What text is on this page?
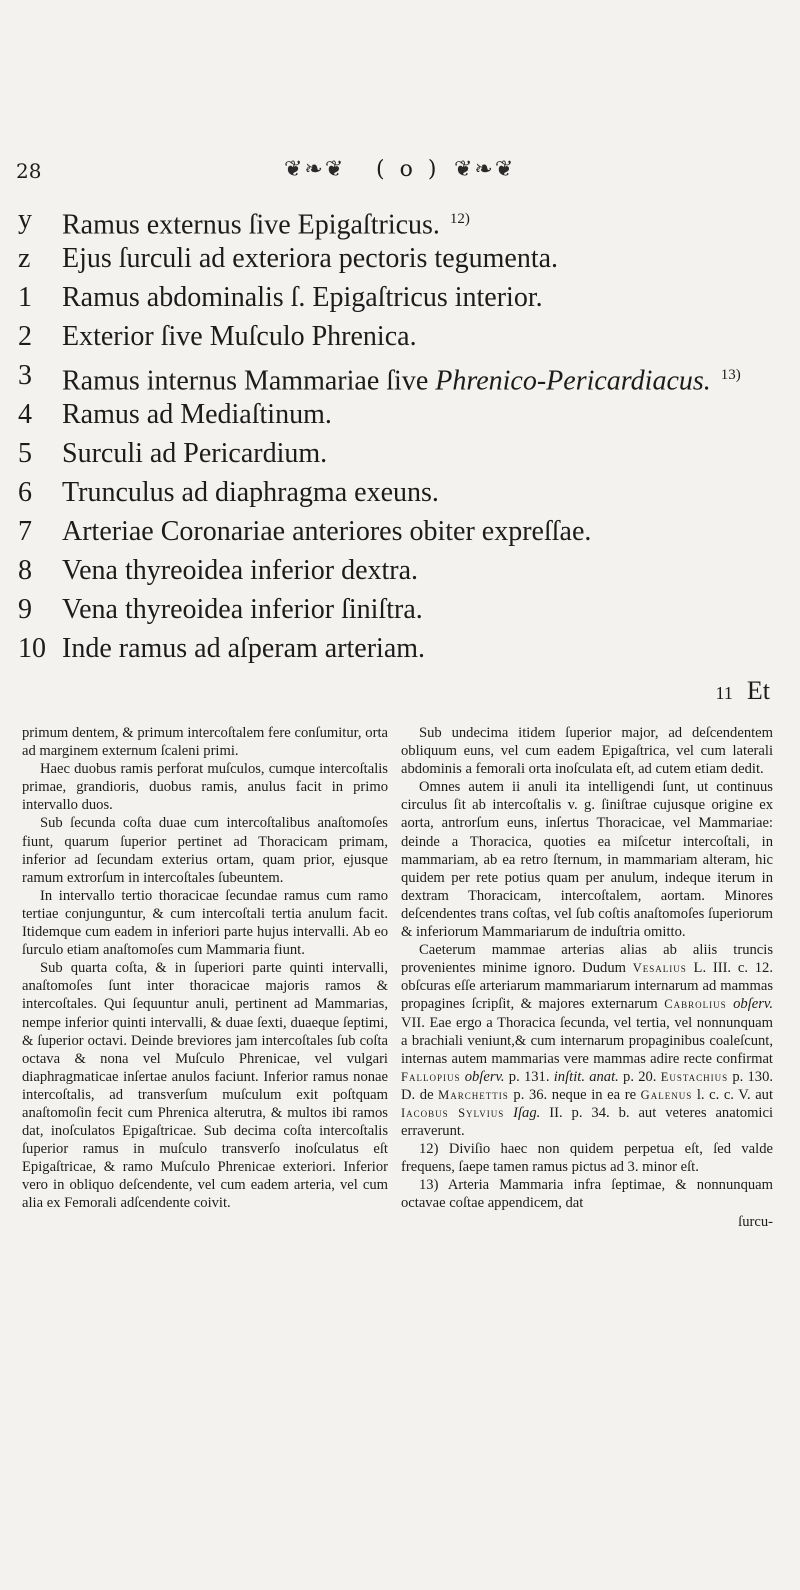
28	❦❧❦ ( o ) ❦❧❦
y	Ramus externus ſive Epigaſtricus. $^{12)}$
z	Ejus ſurculi ad exteriora pectoris tegumenta.
1	Ramus abdominalis ſ. Epigaſtricus interior.
2	Exterior ſive Muſculo Phrenica.
3	Ramus internus Mammariae ſive Phrenico-Pericardiacus. $^{13)}$
4	Ramus ad Mediaſtinum.
5	Surculi ad Pericardium.
6	Trunculus ad diaphragma exeuns.
7	Arteriae Coronariae anteriores obiter expreſſae.
8	Vena thyreoidea inferior dextra.
9	Vena thyreoidea inferior ſiniſtra.
10 Inde ramus ad aſperam arteriam.
11 Et

primum dentem, & primum intercoſtalem fere conſumitur, orta ad marginem externum ſcaleni primi.

Haec duobus ramis perforat muſculos, cumque intercoſtalis primae, grandioris, duobus ramis, anulus facit in primo intervallo duos.

Sub ſecunda coſta duae cum intercoſtalibus anaſtomoſes fiunt, quarum ſuperior pertinet ad Thoracicam primam, inferior ad ſecundam exterius ortam, quam prior, ejusque ramum extrorſum in intercoſtales ſubeuntem.

In intervallo tertio thoracicae ſecundae ramus cum ramo tertiae conjunguntur, & cum intercoſtali tertia anulum facit. Itidemque cum eadem in inferiori parte hujus intervalli. Ab eo ſurculo etiam anaſtomoſes cum Mammaria fiunt.

Sub quarta coſta, & in ſuperiori parte quinti intervalli, anaſtomoſes ſunt inter thoracicae majoris ramos & intercoſtales. Qui ſequuntur anuli, pertinent ad Mammarias, nempe inferior quinti intervalli, & duae ſexti, duaeque ſeptimi, & ſuperior octavi. Deinde breviores jam intercoſtales ſub coſta octava & nona vel Muſculo Phrenicae, vel vulgari diaphragmaticae inſertae anulos faciunt. Inferior ramus nonae intercoſtalis, ad transverſum muſculum exit poſtquam anaſtomoſin fecit cum Phrenica alterutra, & multos ibi ramos dat, inoſculatos Epigaſtricae. Sub decima coſta intercoſtalis ſuperior ramus in muſculo transverſo inoſculatus eſt Epigaſtricae, & ramo Muſculo Phrenicae exteriori. Inferior vero in obliquo deſcendente, vel cum eadem arteria, vel cum alia ex Femorali adſcendente coivit.

Sub undecima itidem ſuperior major, ad deſcendentem obliquum euns, vel cum eadem Epigaſtrica, vel cum laterali abdominis a femorali orta inoſculata eſt, ad cutem etiam dedit.

Omnes autem ii anuli ita intelligendi ſunt, ut continuus circulus ſit ab intercoſtalis v. g. ſiniſtrae cujusque origine ex aorta, antrorſum euns, inſertus Thoracicae, vel Mammariae: deinde a Thoracica, quoties ea miſcetur intercoſtali, in mammariam, ab ea retro ſternum, in mammariam alteram, hic quidem per rete potius quam per anulum, indeque iterum in dextram Thoracicam, intercoſtalem, aortam. Minores deſcendentes trans coſtas, vel ſub coſtis anaſtomoſes ſuperiorum & inferiorum Mammariarum de induſtria omitto.

Caeterum mammae arterias alias ab aliis truncis provenientes minime ignoro. Dudum Vesalius L. III. c. 12. obſcuras eſſe arteriarum mammariarum internarum ad mammas propagines ſcripſit, & majores externarum Cabrolius obſerv. VII. Eae ergo a Thoracica ſecunda, vel tertia, vel nonnunquam a brachiali veniunt,& cum internarum propaginibus coaleſcunt, internas autem mammarias vere mammas adire recte confirmat Fallopius obſerv. p. 131. inſtit. anat. p. 20. Eustachius p. 130. D. de Marchettis p. 36. neque in ea re Galenus l. c. c. V. aut Iacobus Sylvius Iſag. II. p. 34. b. aut veteres anatomici erraverunt.

12) Diviſio haec non quidem perpetua eſt, ſed valde frequens, ſaepe tamen ramus pictus ad 3. minor eſt.

13) Arteria Mammaria infra ſeptimae, & nonnunquam octavae coſtae appendicem, dat

ſurcu-
